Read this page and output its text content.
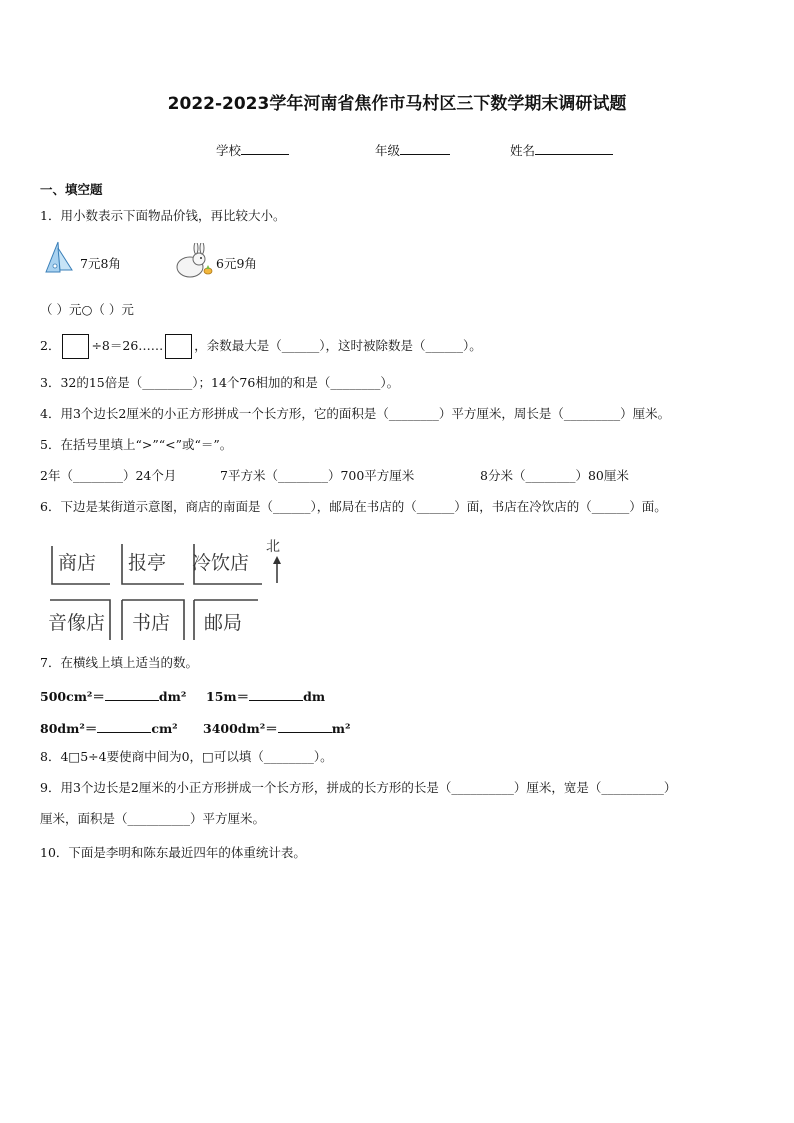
2022-2023学年河南省焦作市马村区三下数学期末调研试题
学校	年级	姓名
一、填空题
1．用小数表示下面物品价钱，再比较大小。
7元8角	6元9角
（ ）元○（ ）元
2． ÷8＝26…… ，余数最大是（______），这时被除数是（______）。
3．32的15倍是（________）；14个76相加的和是（________）。
4．用3个边长2厘米的小正方形拼成一个长方形，它的面积是（________）平方厘米，周长是（_________）厘米。
5．在括号里填上“>”“<”或“＝”。
2年（________）24个月	7平方米（________）700平方厘米	8分米（________）80厘米
6．下边是某街道示意图，商店的南面是（______），邮局在书店的（______）面，书店在冷饮店的（______）面。
商店 报亭 冷饮店
音像店 书店 邮局
北
7．在横线上填上适当的数。
500cm²＝	dm² 15m＝	dm
80dm²＝	cm² 3400dm²＝	m²
8．4□5÷4要使商中间为0，□可以填（________）。
9．用3个边长是2厘米的小正方形拼成一个长方形，拼成的长方形的长是（__________）厘米，宽是（__________）
厘米，面积是（__________）平方厘米。
10．下面是李明和陈东最近四年的体重统计表。
